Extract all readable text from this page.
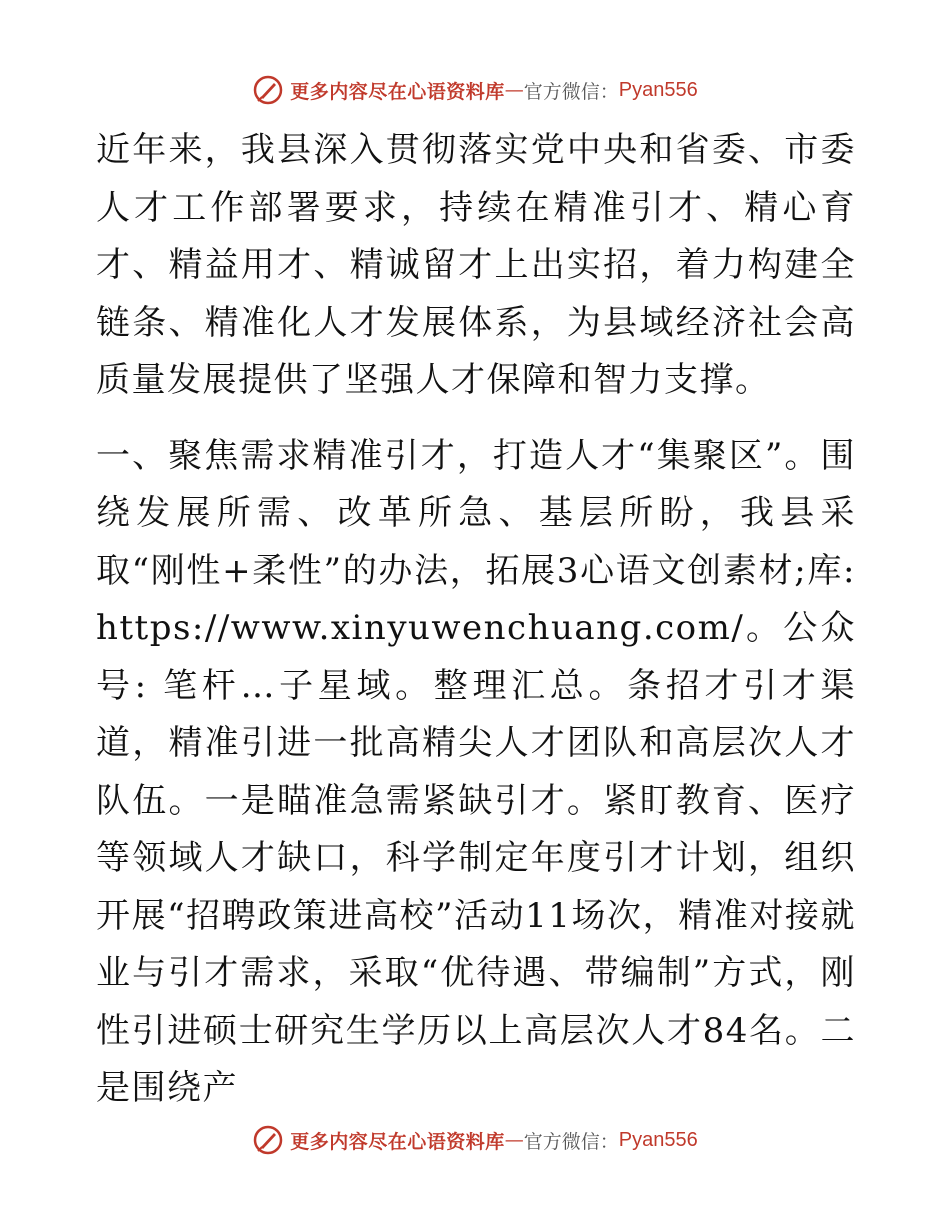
更多内容尽在心语资料库 — 官方微信： Pyan556

近年来，我县深入贯彻落实党中央和省委、市委人才工作部署要求，持续在精准引才、精心育才、精益用才、精诚留才上出实招，着力构建全链条、精准化人才发展体系，为县域经济社会高质量发展提供了坚强人才保障和智力支撑。

一、聚焦需求精准引才，打造人才“集聚区”。围绕发展所需、改革所急、基层所盼，我县采取“刚性+柔性”的办法，拓展3心语文创素材;库: https://www.xinyuwenchuang.com/。公众号: 笔杆…子星域。整理汇总。条招才引才渠道，精准引进一批高精尖人才团队和高层次人才队伍。一是瞄准急需紧缺引才。紧盯教育、医疗等领域人才缺口，科学制定年度引才计划，组织开展“招聘政策进高校”活动11场次，精准对接就业与引才需求，采取“优待遇、带编制”方式，刚性引进硕士研究生学历以上高层次人才84名。二是围绕产

更多内容尽在心语资料库 — 官方微信： Pyan556
